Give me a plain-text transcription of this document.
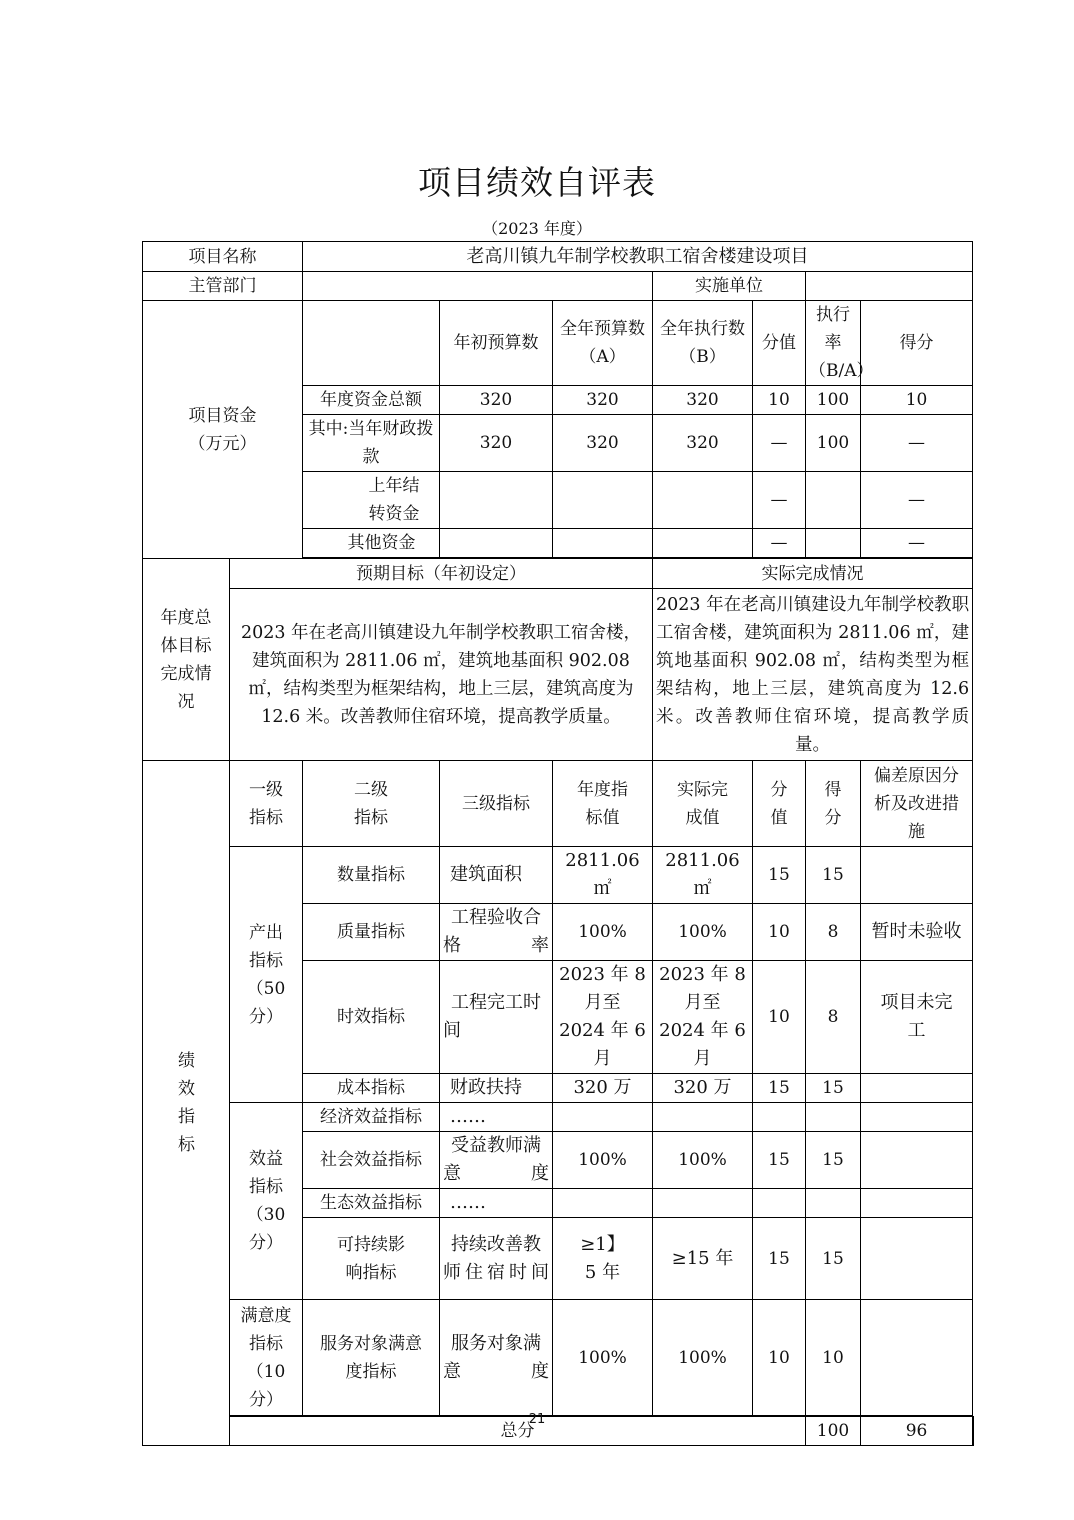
项目绩效自评表
（2023 年度）
项目名称		老高川镇九年制学校教职工宿舍楼建设项目							
主管部门					实施单位				

项目资金
（万元）			年初预算数	全年预算数（A）	全年执行数（B）	分值	执行率（B/A）	得分	
		年度资金总额	320	320	320	10	100	10	
		其中:当年财政拨款	320	320	320	—	100	—	
		上年结转资金				—		—	
		其他资金				—		—	

年度总体目标完成情况	预期目标（年初设定）				实际完成情况				
	2023 年在老高川镇建设九年制学校教职工宿舍楼，建筑面积为 2811.06 ㎡，建筑地基面积 902.08 ㎡，结构类型为框架结构，地上三层，建筑高度为 12.6 米。改善教师住宿环境，提高教学质量。				2023 年在老高川镇建设九年制学校教职工宿舍楼，建筑面积为 2811.06 ㎡，建筑地基面积 902.08 ㎡，结构类型为框架结构，地上三层，建筑高度为 12.6 米。改善教师住宿环境，提高教学质量。				
绩效指标	一级指标	二级指标	三级指标	年度指标值	实际完成值	分值	得分	偏差原因分析及改进措施	
	产出指标（50 分）	数量指标	建筑面积	2811.06 ㎡	2811.06 ㎡	15	15		
		质量指标	工程验收合格率	100%	100%	10	8	暂时未验收	
		时效指标	工程完工时间	2023 年 8 月至 2024 年 6 月	2023 年 8 月至 2024 年 6 月	10	8	项目未完工	
		成本指标	财政扶持	320 万	320 万	15	15		
	效益指标（30 分）	经济效益指标	……						
		社会效益指标	受益教师满意度	100%	100%	15	15		
		生态效益指标	……						
		可持续影响指标	持续改善教师住宿时间	≥1】5 年	≥15 年	15	15		
	满意度指标（10 分）	服务对象满意度指标	服务对象满意度	100%	100%	10	10		

	总分						100	96	
21
